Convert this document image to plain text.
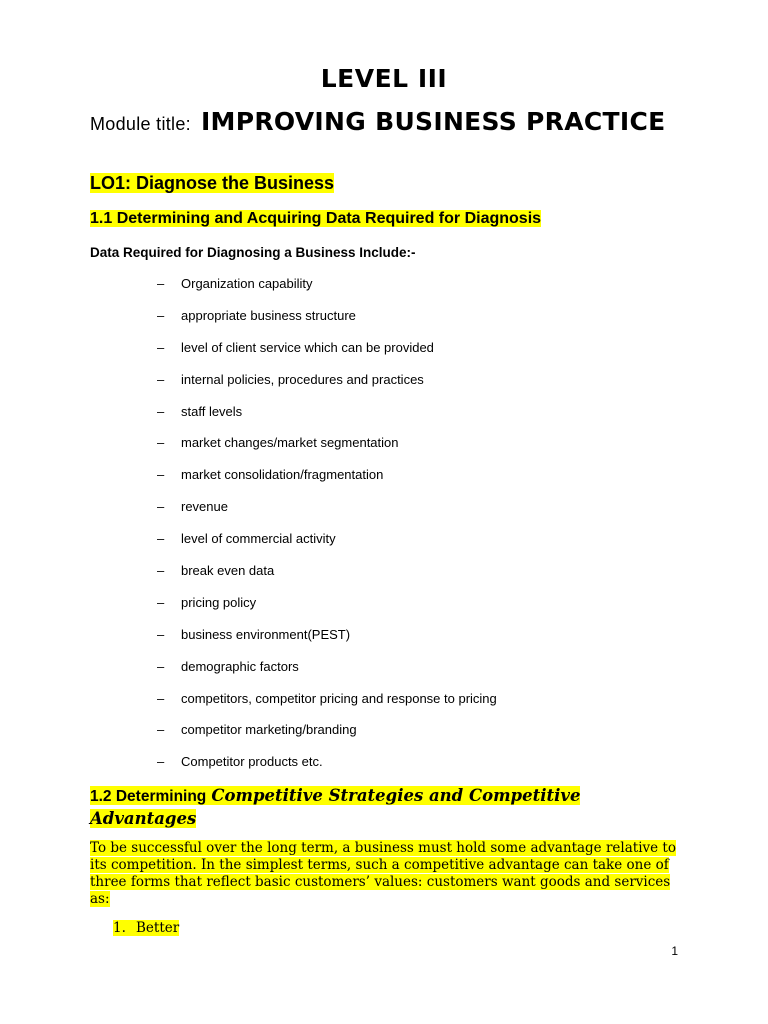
LEVEL III
Module title: IMPROVING BUSINESS PRACTICE
LO1: Diagnose the Business
1.1 Determining and Acquiring Data Required for Diagnosis
Data Required for Diagnosing a Business Include:-
– Organization capability
– appropriate business structure
– level of client service which can be provided
– internal policies, procedures and practices
– staff levels
– market changes/market segmentation
– market consolidation/fragmentation
– revenue
– level of commercial activity
– break even data
– pricing policy
– business environment(PEST)
– demographic factors
– competitors, competitor pricing and response to pricing
– competitor marketing/branding
– Competitor products etc.
1.2 Determining Competitive Strategies and Competitive Advantages
To be successful over the long term, a business must hold some advantage relative to its competition. In the simplest terms, such a competitive advantage can take one of three forms that reflect basic customers’ values: customers want goods and services as:
1. Better
1
